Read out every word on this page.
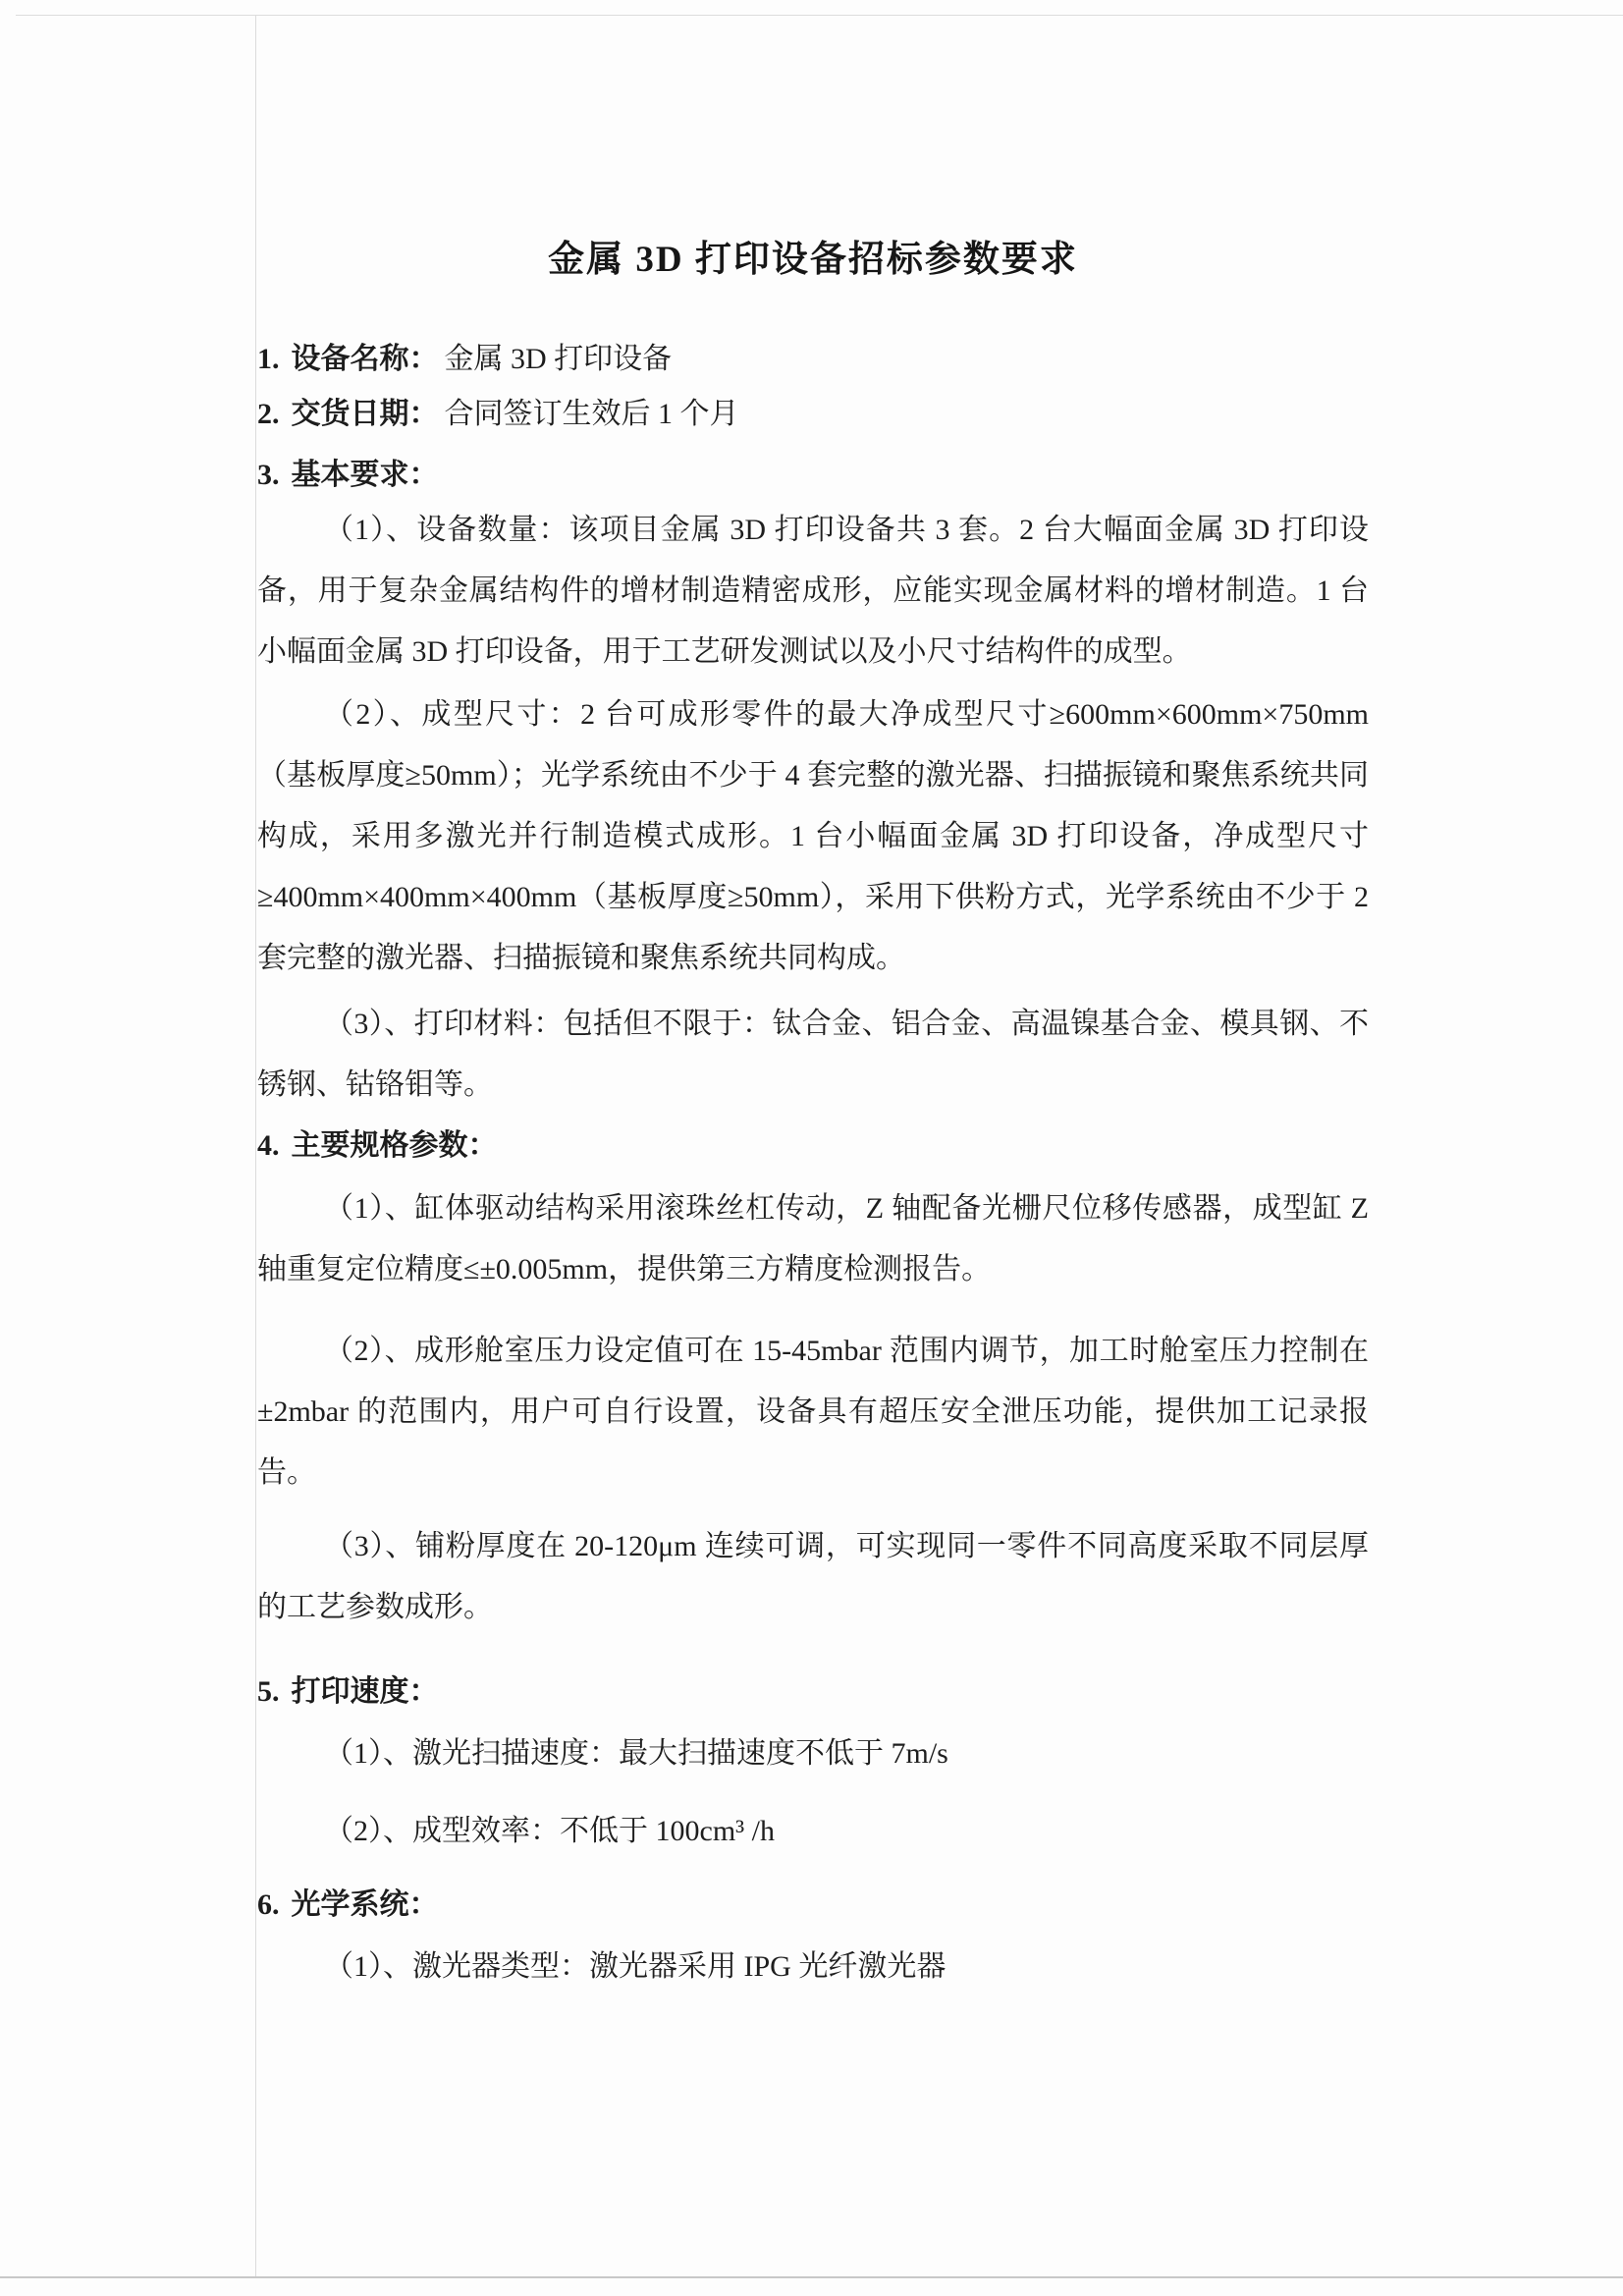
金属 3D 打印设备招标参数要求
1. 设备名称： 金属 3D 打印设备
2. 交货日期： 合同签订生效后 1 个月
3. 基本要求：

（1）、设备数量：该项目金属 3D 打印设备共 3 套。2 台大幅面金属 3D 打印设备，用于复杂金属结构件的增材制造精密成形，应能实现金属材料的增材制造。1 台小幅面金属 3D 打印设备，用于工艺研发测试以及小尺寸结构件的成型。

（2）、成型尺寸：2 台可成形零件的最大净成型尺寸≥600mm×600mm×750mm（基板厚度≥50mm）；光学系统由不少于 4 套完整的激光器、扫描振镜和聚焦系统共同构成，采用多激光并行制造模式成形。1 台小幅面金属 3D 打印设备，净成型尺寸≥400mm×400mm×400mm（基板厚度≥50mm），采用下供粉方式，光学系统由不少于 2 套完整的激光器、扫描振镜和聚焦系统共同构成。

（3）、打印材料：包括但不限于：钛合金、铝合金、高温镍基合金、模具钢、不锈钢、钴铬钼等。

4. 主要规格参数：

（1）、缸体驱动结构采用滚珠丝杠传动，Z 轴配备光栅尺位移传感器，成型缸 Z 轴重复定位精度≤±0.005mm，提供第三方精度检测报告。

（2）、成形舱室压力设定值可在 15-45mbar 范围内调节，加工时舱室压力控制在±2mbar 的范围内，用户可自行设置，设备具有超压安全泄压功能，提供加工记录报告。

（3）、铺粉厚度在 20-120μm 连续可调，可实现同一零件不同高度采取不同层厚的工艺参数成形。

5. 打印速度：

（1）、激光扫描速度：最大扫描速度不低于 7m/s

（2）、成型效率：不低于 100cm³ /h

6. 光学系统：

（1）、激光器类型：激光器采用 IPG 光纤激光器
